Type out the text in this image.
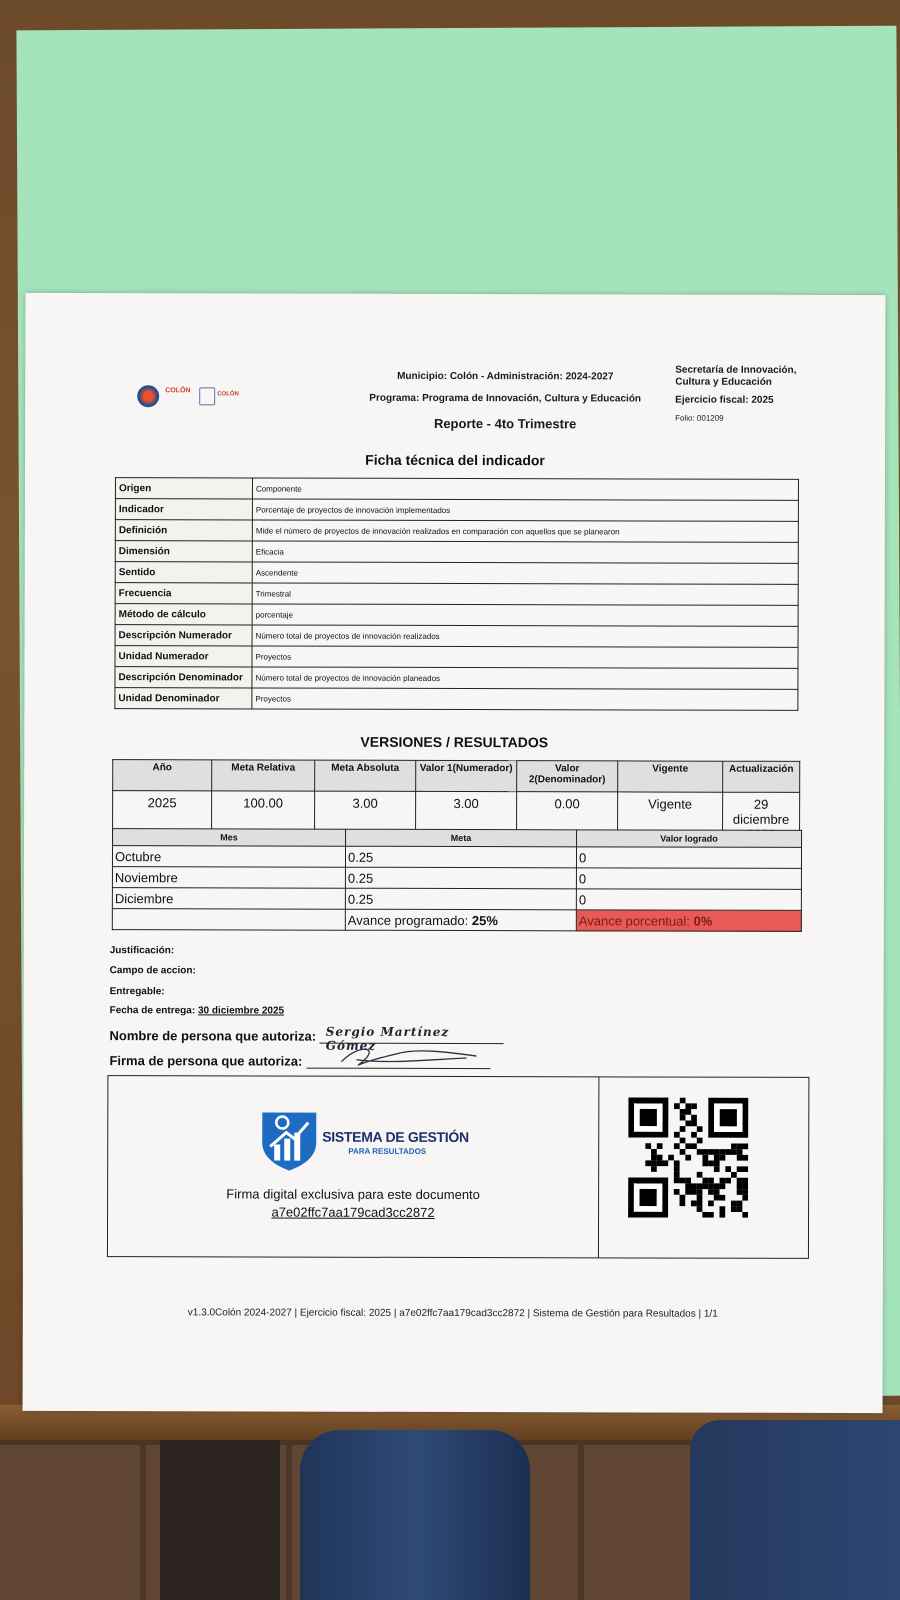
COLÓN
COLÓN
Municipio: Colón - Administración: 2024-2027
Programa: Programa de Innovación, Cultura y Educación
Reporte - 4to Trimestre
Secretaría de Innovación,
Cultura y Educación
Ejercicio fiscal: 2025
Folio: 001209
Ficha técnica del indicador
Origen	Componente
Indicador	Porcentaje de proyectos de innovación implementados
Definición	Mide el número de proyectos de innovación realizados en comparación con aquellos que se planearon
Dimensión	Eficacia
Sentido	Ascendente
Frecuencia	Trimestral
Método de cálculo	porcentaje
Descripción Numerador	Número total de proyectos de innovación realizados
Unidad Numerador	Proyectos
Descripción Denominador	Número total de proyectos de innovación planeados
Unidad Denominador	Proyectos
VERSIONES / RESULTADOS
Año	Meta Relativa	Meta Absoluta	Valor 1(Numerador)	Valor 2(Denominador)	Vigente	Actualización
2025	100.00	3.00	3.00	0.00	Vigente	29 diciembre
Mes	Meta	Valor logrado
Octubre	0.25	0
Noviembre	0.25	0
Diciembre	0.25	0
	Avance programado: 25%	Avance porcentual: 0%
Justificación:
Campo de accion:
Entregable:
Fecha de entrega: 30 diciembre 2025
Nombre de persona que autoriza: Sergio Martínez Gómez
Firma de persona que autoriza:
SISTEMA DE GESTIÓN
PARA RESULTADOS
Firma digital exclusiva para este documento
a7e02ffc7aa179cad3cc2872
v1.3.0Colón 2024-2027 | Ejercicio fiscal: 2025 | a7e02ffc7aa179cad3cc2872 | Sistema de Gestión para Resultados | 1/1
